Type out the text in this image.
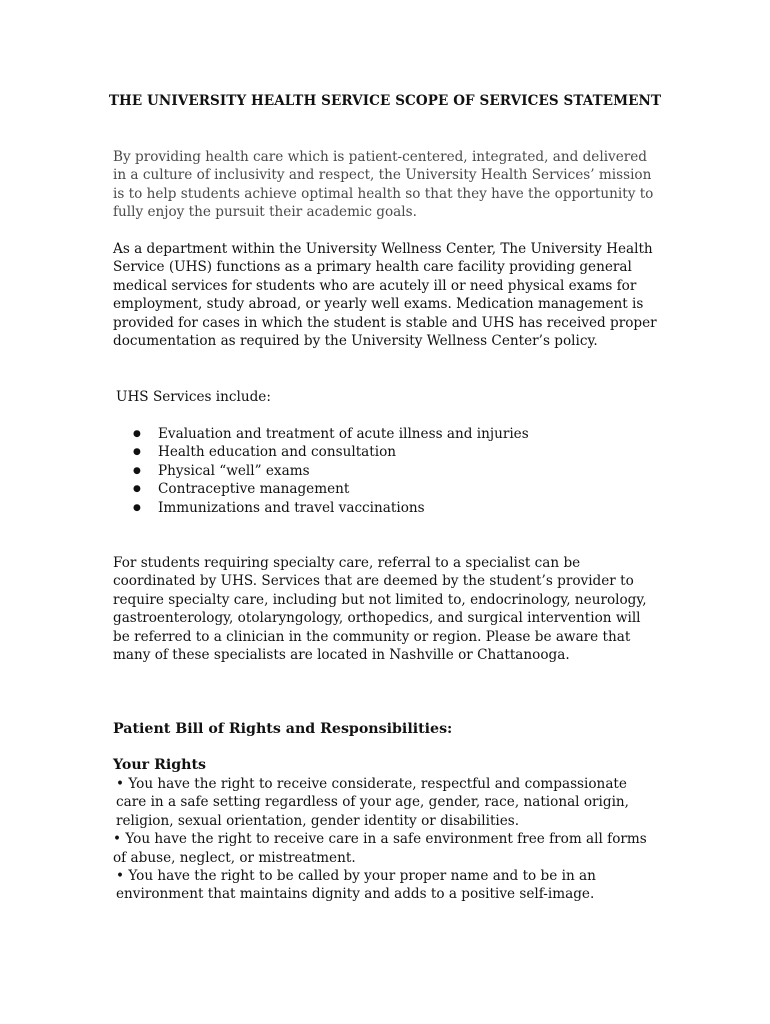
THE UNIVERSITY HEALTH SERVICE SCOPE OF SERVICES STATEMENT

By providing health care which is patient-centered, integrated, and delivered in a culture of inclusivity and respect, the University Health Services’ mission is to help students achieve optimal health so that they have the opportunity to fully enjoy the pursuit their academic goals.

As a department within the University Wellness Center, The University Health Service (UHS) functions as a primary health care facility providing general medical services for students who are acutely ill or need physical exams for employment, study abroad, or yearly well exams. Medication management is provided for cases in which the student is stable and UHS has received proper documentation as required by the University Wellness Center’s policy.

UHS Services include:

● Evaluation and treatment of acute illness and injuries
● Health education and consultation
● Physical “well” exams
● Contraceptive management
● Immunizations and travel vaccinations

For students requiring specialty care, referral to a specialist can be coordinated by UHS. Services that are deemed by the student’s provider to require specialty care, including but not limited to, endocrinology, neurology, gastroenterology, otolaryngology, orthopedics, and surgical intervention will be referred to a clinician in the community or region. Please be aware that many of these specialists are located in Nashville or Chattanooga.

Patient Bill of Rights and Responsibilities:
Your Rights

• You have the right to receive considerate, respectful and compassionate care in a safe setting regardless of your age, gender, race, national origin, religion, sexual orientation, gender identity or disabilities.

• You have the right to receive care in a safe environment free from all forms of abuse, neglect, or mistreatment.

• You have the right to be called by your proper name and to be in an environment that maintains dignity and adds to a positive self-image.
